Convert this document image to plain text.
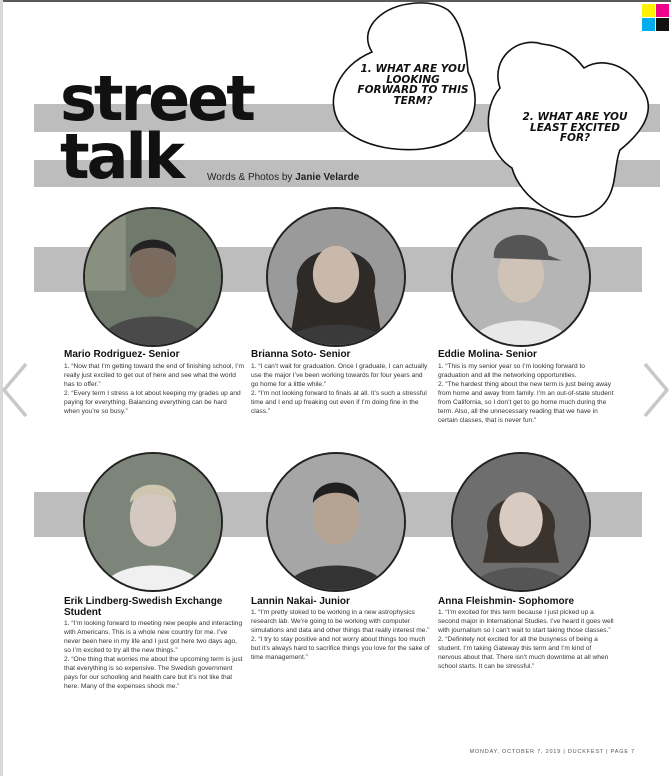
street
talk	Words & Photos by Janie Velarde
1. WHAT ARE YOU LOOKING FORWARD TO THIS TERM?
2. WHAT ARE YOU LEAST EXCITED FOR?
Mario Rodriguez- Senior

1. “Now that I’m getting toward the end of finishing school, I’m really just excited to get out of here and see what the world has to offer.”

2. “Every term I stress a lot about keeping my grades up and paying for everything. Balancing everything can be hard when you’re so busy.”

Brianna Soto- Senior

1. “I can’t wait for graduation. Once I graduate, I can actually use the major I’ve been working towards for four years and go home for a little while.”

2. “I’m not looking forward to finals at all. It’s such a stressful time and I end up freaking out even if I’m doing fine in the class.”

Eddie Molina- Senior

1. “This is my senior year so I’m looking forward to graduation and all the networking opportunities.

2. “The hardest thing about the new term is just being away from home and away from family. I’m an out-of-state student from California, so I don’t get to go home much during the term. Also, all the unnecessary reading that we have in certain classes, that is never fun.”

Erik Lindberg-Swedish Exchange Student

1. “I’m looking forward to meeting new people and interacting with Americans. This is a whole new country for me. I’ve never been here in my life and I just got here two days ago, so I’m excited to try all the new things.”

2. “One thing that worries me about the upcoming term is just that everything is so expensive. The Swedish government pays for our schooling and health care but it’s not like that here. Many of the expenses shock me.”

Lannin Nakai- Junior

1. “I’m pretty stoked to be working in a new astrophysics research lab. We’re going to be working with computer simulations and data and other things that really interest me.”

2. “I try to stay positive and not worry about things too much but it’s always hard to sacrifice things you love for the sake of time management.”

Anna Fleishmin- Sophomore

1. “I’m excited for this term because I just picked up a second major in International Studies. I’ve heard it goes well with journalism so I can’t wait to start taking those classes.”

2. “Definitely not excited for all the busyness of being a student. I’m taking Gateway this term and I’m kind of nervous about that. There isn’t much downtime at all when school starts. It can be stressful.”

MONDAY, OCTOBER 7, 2019 | DUCKFEST | PAGE 7
